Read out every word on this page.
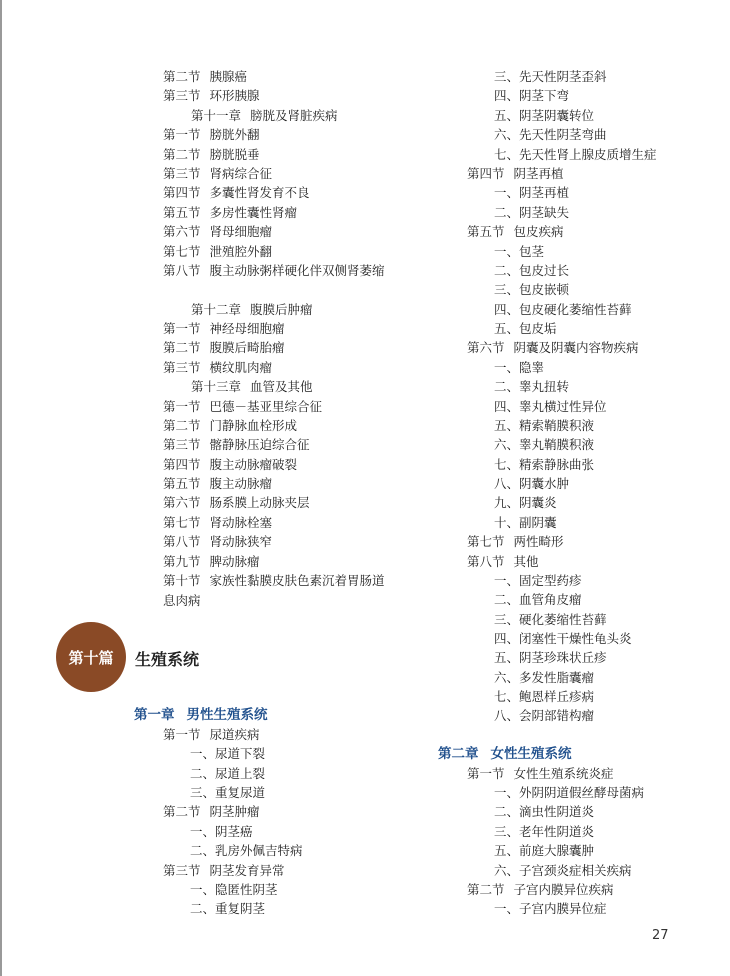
第二节 胰腺癌
第三节 环形胰腺
第十一章 膀胱及肾脏疾病
第一节 膀胱外翻
第二节 膀胱脱垂
第三节 肾病综合征
第四节 多囊性肾发育不良
第五节 多房性囊性肾瘤
第六节 肾母细胞瘤
第七节 泄殖腔外翻
第八节 腹主动脉粥样硬化伴双侧肾萎缩
第十二章 腹膜后肿瘤
第一节 神经母细胞瘤
第二节 腹膜后畸胎瘤
第三节 横纹肌肉瘤
第十三章 血管及其他
第一节 巴德－基亚里综合征
第二节 门静脉血栓形成
第三节 髂静脉压迫综合征
第四节 腹主动脉瘤破裂
第五节 腹主动脉瘤
第六节 肠系膜上动脉夹层
第七节 肾动脉栓塞
第八节 肾动脉狭窄
第九节 脾动脉瘤
第十节 家族性黏膜皮肤色素沉着胃肠道息肉病
第十篇 生殖系统
第一章 男性生殖系统
第一节 尿道疾病
一、尿道下裂
二、尿道上裂
三、重复尿道
第二节 阴茎肿瘤
一、阴茎癌
二、乳房外佩吉特病
第三节 阴茎发育异常
一、隐匿性阴茎
二、重复阴茎
三、先天性阴茎歪斜
四、阴茎下弯
五、阴茎阴囊转位
六、先天性阴茎弯曲
七、先天性肾上腺皮质增生症
第四节 阴茎再植
一、阴茎再植
二、阴茎缺失
第五节 包皮疾病
一、包茎
二、包皮过长
三、包皮嵌顿
四、包皮硬化萎缩性苔藓
五、包皮垢
第六节 阴囊及阴囊内容物疾病
一、隐睾
二、睾丸扭转
四、睾丸横过性异位
五、精索鞘膜积液
六、睾丸鞘膜积液
七、精索静脉曲张
八、阴囊水肿
九、阴囊炎
十、副阴囊
第七节 两性畸形
第八节 其他
一、固定型药疹
二、血管角皮瘤
三、硬化萎缩性苔藓
四、闭塞性干燥性龟头炎
五、阴茎珍珠状丘疹
六、多发性脂囊瘤
七、鲍恩样丘疹病
八、会阴部错构瘤
第二章 女性生殖系统
第一节 女性生殖系统炎症
一、外阴阴道假丝酵母菌病
二、滴虫性阴道炎
三、老年性阴道炎
五、前庭大腺囊肿
六、子宫颈炎症相关疾病
第二节 子宫内膜异位疾病
一、子宫内膜异位症
27
